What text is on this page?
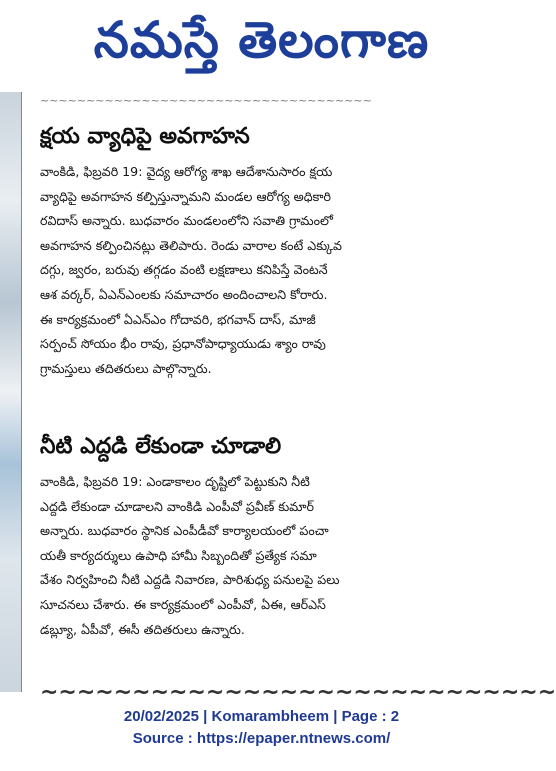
నమస్తే తెలంగాణ
~~~~~~~~~~~~~~~~~~~~~~~~~~~~~~~~~~~~
క్షయ వ్యాధిపై అవగాహన
వాంకిడి, ఫిబ్రవరి 19: వైద్య ఆరోగ్య శాఖ ఆదేశానుసారం క్షయ
వ్యాధిపై అవగాహన కల్పిస్తున్నామని మండల ఆరోగ్య అధికారి
రవిదాస్ అన్నారు. బుధవారం మండలంలోని సవాతి గ్రామంలో
అవగాహన కల్పించినట్లు తెలిపారు. రెండు వారాల కంటే ఎక్కువ
దగ్గు, జ్వరం, బరువు తగ్గడం వంటి లక్షణాలు కనిపిస్తే వెంటనే
ఆశ వర్కర్, ఏఎన్ఎంలకు సమాచారం అందించాలని కోరారు.
ఈ కార్యక్రమంలో ఏఎన్ఎం గోదావరి, భగవాన్ దాస్, మాజీ
సర్పంచ్ సోయం భీం రావు, ప్రధానోపాధ్యాయుడు శ్యాం రావు
గ్రామస్తులు తదితరులు పాల్గొన్నారు.
నీటి ఎద్దడి లేకుండా చూడాలి
వాంకిడి, ఫిబ్రవరి 19: ఎండాకాలం దృష్టిలో పెట్టుకుని నీటి
ఎద్దడి లేకుండా చూడాలని వాంకిడి ఎంపీవో ప్రవీణ్ కుమార్
అన్నారు. బుధవారం స్థానిక ఎంపీడీవో కార్యాలయంలో పంచా
యతీ కార్యదర్శులు ఉపాధి హామీ సిబ్బందితో ప్రత్యేక సమా
వేశం నిర్వహించి నీటి ఎద్దడి నివారణ, పారిశుధ్య పనులపై పలు
సూచనలు చేశారు. ఈ కార్యక్రమంలో ఎంపీవో, ఏఈ, ఆర్ఎస్
డబ్ల్యూ, ఏపీవో, ఈసీ తదితరులు ఉన్నారు.
~~~~~~~~~~~~~~~~~~~~~~~~~~~~
20/02/2025 | Komarambheem | Page : 2
Source : https://epaper.ntnews.com/
